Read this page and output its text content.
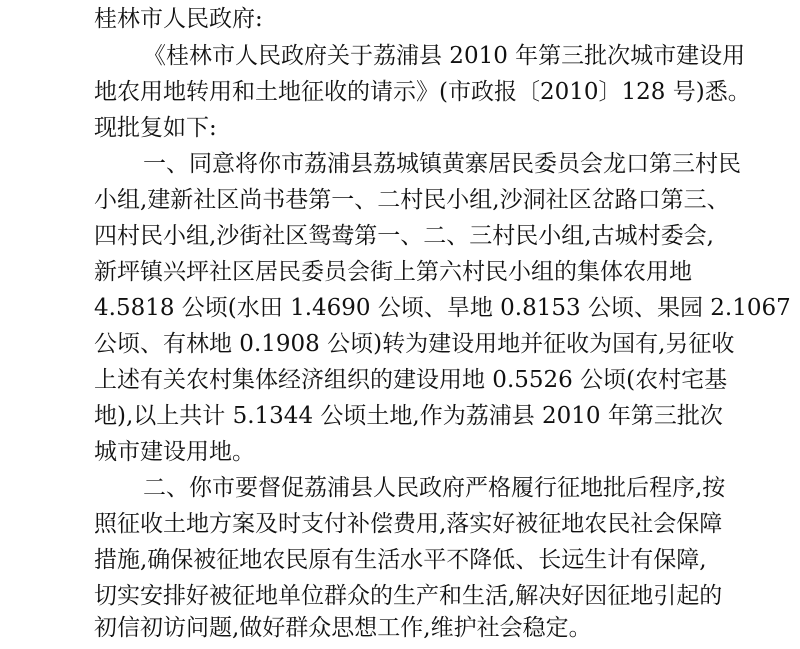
桂林市人民政府:
《桂林市人民政府关于荔浦县 2010 年第三批次城市建设用
地农用地转用和土地征收的请示》(市政报〔2010〕128 号)悉。
现批复如下:
一、同意将你市荔浦县荔城镇黄寨居民委员会龙口第三村民
小组,建新社区尚书巷第一、二村民小组,沙洞社区岔路口第三、
四村民小组,沙街社区鸳鸯第一、二、三村民小组,古城村委会,
新坪镇兴坪社区居民委员会街上第六村民小组的集体农用地
4.5818 公顷(水田 1.4690 公顷、旱地 0.8153 公顷、果园 2.1067
公顷、有林地 0.1908 公顷)转为建设用地并征收为国有,另征收
上述有关农村集体经济组织的建设用地 0.5526 公顷(农村宅基
地),以上共计 5.1344 公顷土地,作为荔浦县 2010 年第三批次
城市建设用地。
二、你市要督促荔浦县人民政府严格履行征地批后程序,按
照征收土地方案及时支付补偿费用,落实好被征地农民社会保障
措施,确保被征地农民原有生活水平不降低、长远生计有保障,
切实安排好被征地单位群众的生产和生活,解决好因征地引起的
初信初访问题,做好群众思想工作,维护社会稳定。
